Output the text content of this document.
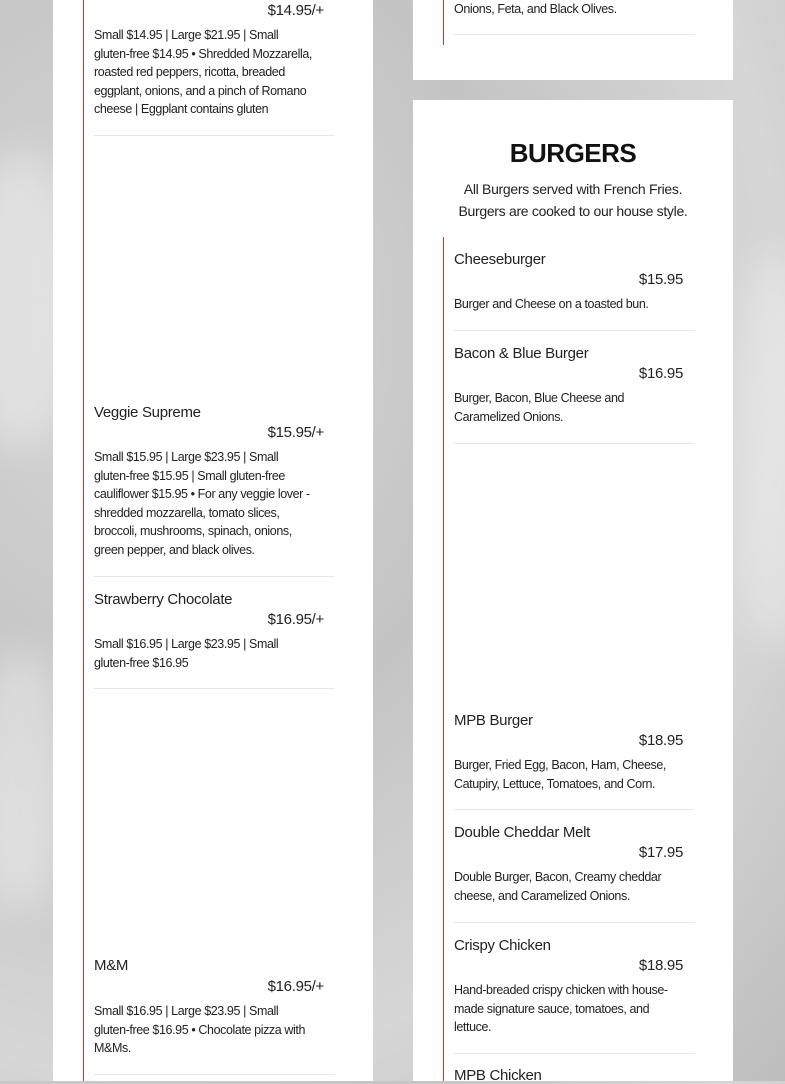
$14.95/+
Small $14.95 | Large $21.95 | Small gluten-free $14.95 • Shredded Mozzarella, roasted red peppers, ricotta, breaded eggplant, onions, and a pinch of Romano cheese | Eggplant contains gluten
Veggie Supreme
$15.95/+
Small $15.95 | Large $23.95 | Small gluten-free $15.95 | Small gluten-free cauliflower $15.95 • For any veggie lover - shredded mozzarella, tomato slices, broccoli, mushrooms, spinach, onions, green pepper, and black olives.
Strawberry Chocolate
$16.95/+
Small $16.95 | Large $23.95 | Small gluten-free $16.95
M&M
$16.95/+
Small $16.95 | Large $23.95 | Small gluten-free $16.95 • Chocolate pizza with M&Ms.
Onions, Feta, and Black Olives.
BURGERS
All Burgers served with French Fries.
Burgers are cooked to our house style.
Cheeseburger
$15.95
Burger and Cheese on a toasted bun.
Bacon & Blue Burger
$16.95
Burger, Bacon, Blue Cheese and Caramelized Onions.
MPB Burger
$18.95
Burger, Fried Egg, Bacon, Ham, Cheese, Catupiry, Lettuce, Tomatoes, and Corn.
Double Cheddar Melt
$17.95
Double Burger, Bacon, Creamy cheddar cheese, and Caramelized Onions.
Crispy Chicken
$18.95
Hand-breaded crispy chicken with house-made signature sauce, tomatoes, and lettuce.
MPB Chicken
